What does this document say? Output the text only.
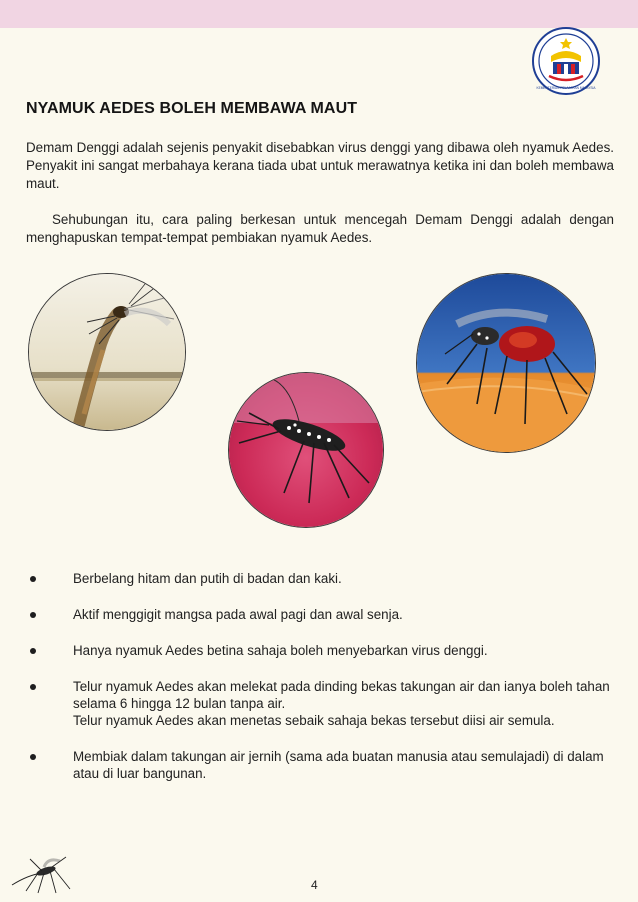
KEMENTERIAN PELAJARAN MALAYSIA
NYAMUK AEDES BOLEH MEMBAWA MAUT

Demam Denggi adalah sejenis penyakit disebabkan virus denggi yang dibawa oleh nyamuk Aedes. Penyakit ini sangat merbahaya kerana tiada ubat untuk merawatnya ketika ini dan boleh membawa maut.

Sehubungan itu, cara paling berkesan untuk mencegah Demam Denggi adalah dengan menghapuskan tempat-tempat pembiakan nyamuk Aedes.

Berbelang hitam dan putih di badan dan kaki.
Aktif menggigit mangsa pada awal pagi dan awal senja.
Hanya nyamuk Aedes betina sahaja boleh menyebarkan virus denggi.
Telur nyamuk Aedes akan melekat pada dinding bekas takungan air dan ianya boleh tahan selama 6 hingga 12 bulan tanpa air.
Telur nyamuk Aedes akan menetas sebaik sahaja bekas tersebut diisi air semula.
Membiak dalam takungan air jernih (sama ada buatan manusia atau semulajadi) di dalam atau di luar bangunan.
4
